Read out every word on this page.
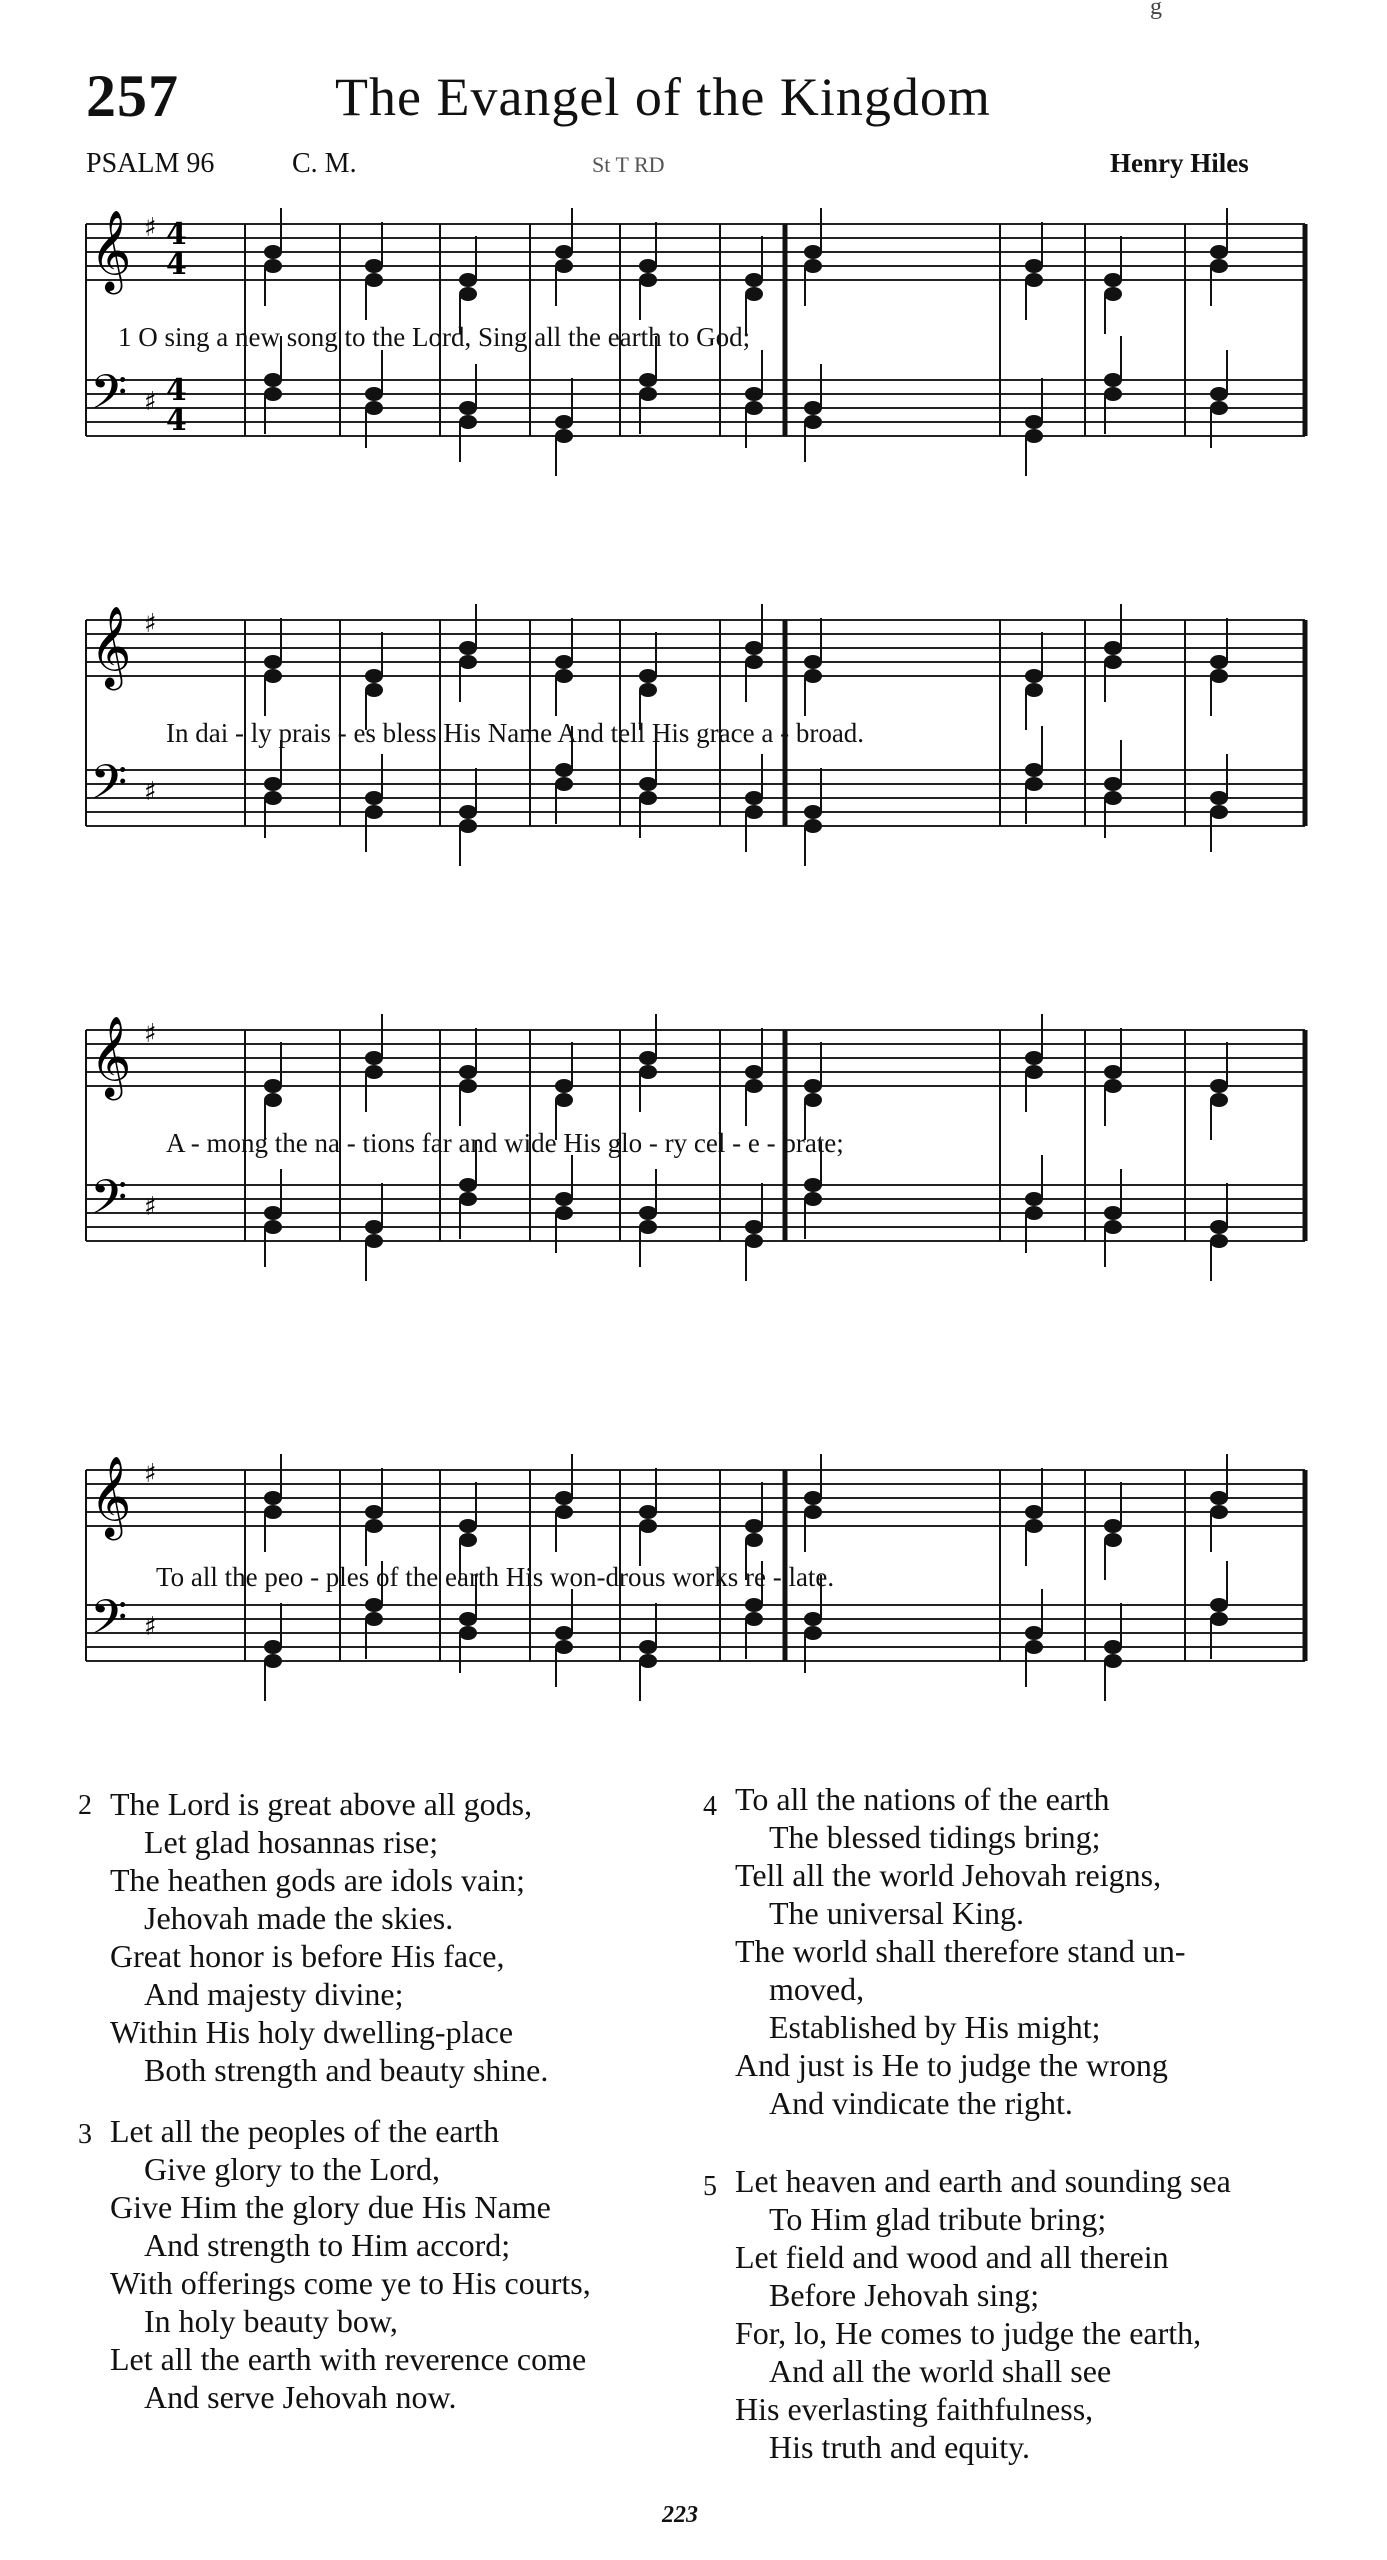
g
257	The Evangel of the Kingdom
PSALM 96	C. M.	St T RD	Henry Hiles
𝄞 ♯ 4
4
𝄢 ♯ 4
4
𝄞 ♯
𝄢 ♯
𝄞 ♯
𝄢 ♯
𝄞 ♯
𝄢 ♯
1 O sing a new song to the Lord, Sing all the earth to God;
In dai - ly prais - es bless His Name And tell His grace a - broad.
A - mong the na - tions far and wide His glo - ry cel - e - brate;
To all the peo - ples of the earth His won-drous works re - late.
2 The Lord is great above all gods,
Let glad hosannas rise;
The heathen gods are idols vain;
Jehovah made the skies.
Great honor is before His face,
And majesty divine;
Within His holy dwelling-place
Both strength and beauty shine.
3 Let all the peoples of the earth
Give glory to the Lord,
Give Him the glory due His Name
And strength to Him accord;
With offerings come ye to His courts,
In holy beauty bow,
Let all the earth with reverence come
And serve Jehovah now.
4 To all the nations of the earth
The blessed tidings bring;
Tell all the world Jehovah reigns,
The universal King.
The world shall therefore stand un-
moved,
Established by His might;
And just is He to judge the wrong
And vindicate the right.
5 Let heaven and earth and sounding sea
To Him glad tribute bring;
Let field and wood and all therein
Before Jehovah sing;
For, lo, He comes to judge the earth,
And all the world shall see
His everlasting faithfulness,
His truth and equity.
223
